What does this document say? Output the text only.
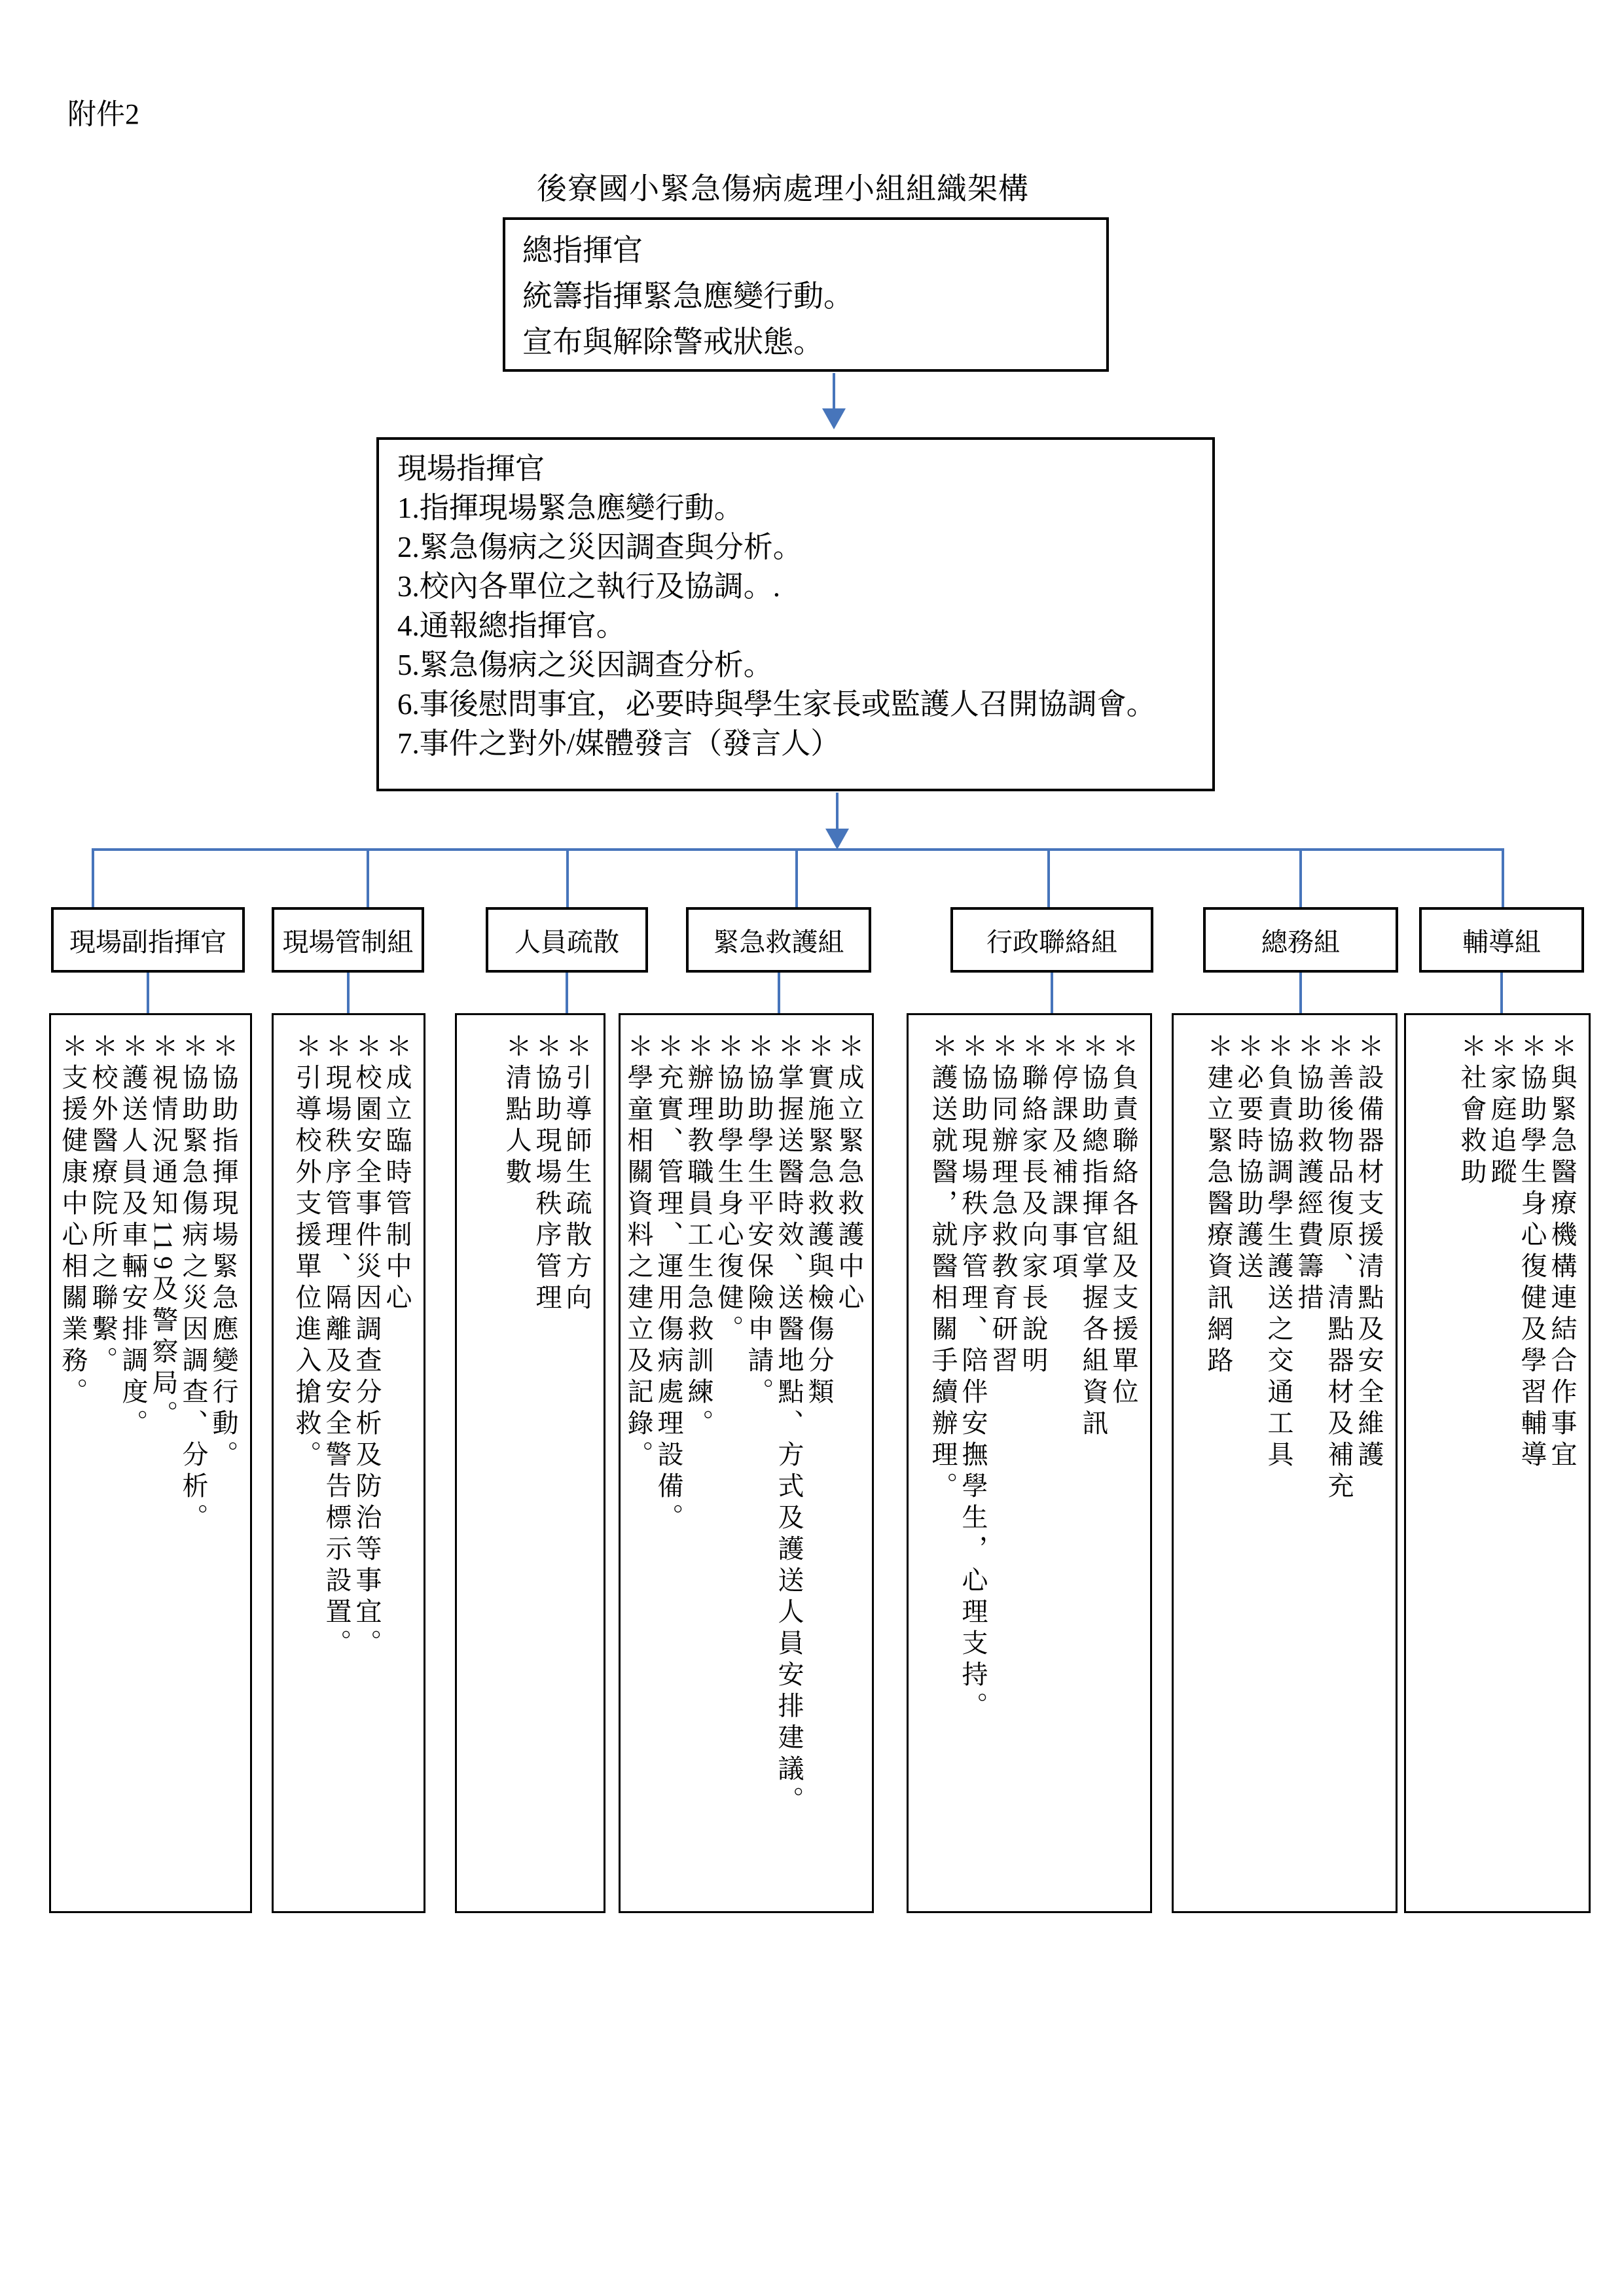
附件2
後寮國小緊急傷病處理小組組織架構
總指揮官
統籌指揮緊急應變行動。
宣布與解除警戒狀態。
現場指揮官
1.指揮現場緊急應變行動。
2.緊急傷病之災因調查與分析。
3.校內各單位之執行及協調。.
4.通報總指揮官。
5.緊急傷病之災因調查分析。
6.事後慰問事宜，必要時與學生家長或監護人召開協調會。
7.事件之對外/媒體發言（發言人）
現場副指揮官	現場管制組	人員疏散	緊急救護組	行政聯絡組	總務組	輔導組
＊協助指揮現場緊急應變行動。
＊協助緊急傷病之災因調查、分析。
＊視情況通知119及警察局。
＊護送人員及車輛安排調度。
＊校外醫療院所之聯繫。
＊支援健康中心相關業務。	＊成立臨時管制中心
＊校園安全事件災因調查分析及防治等事宜。
＊現場秩序管理、隔離及安全警告標示設置。
＊引導校外支援單位進入搶救。	＊引導師生疏散方向
＊協助現場秩序管理
＊清點人數	＊成立緊急救護中心
＊實施緊急救護與檢傷分類
＊掌握送醫時效、送醫地點、方式及護送人員安排建議。
＊協助學生平安保險申請。
＊協助學生身心復健。
＊辦理教職員工生急救訓練。
＊充實、管理、運用傷病處理設備。
＊學童相關資料之建立及記錄。	＊負責聯絡各組及支援單位
＊協助總指揮官掌握各組資訊
＊停課及補課事項
＊聯絡家長及向家長說明
＊協同辦理急救教育研習
＊協助現場秩序管理、陪伴安撫學生，心理支持。
＊護送就醫，就醫相關手續辦理。	＊設備器材支援清點及安全維護
＊善後物品復原、清點器材及補充
＊協助救護經費籌措
＊負責協調學生護送之交通工具
＊必要時協助護送
＊建立緊急醫療資訊網路	＊與緊急醫療機構連結合作事宜
＊協助學生身心復健及學習輔導
＊家庭追蹤
＊社會救助
